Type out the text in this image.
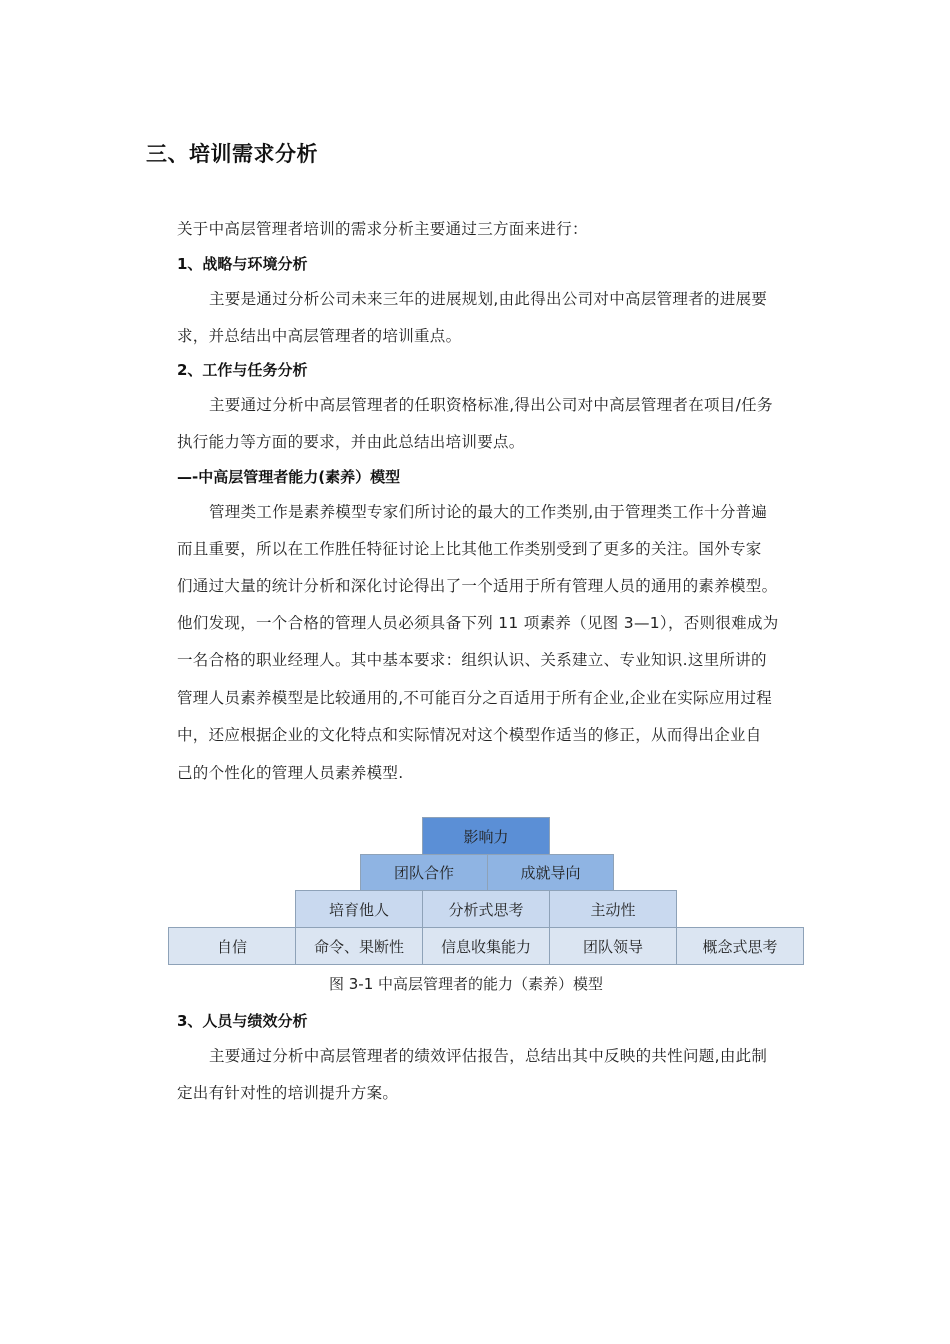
三、培训需求分析
关于中高层管理者培训的需求分析主要通过三方面来进行：
1、战略与环境分析
主要是通过分析公司未来三年的进展规划,由此得出公司对中高层管理者的进展要
求，并总结出中高层管理者的培训重点。
2、工作与任务分析
主要通过分析中高层管理者的任职资格标准,得出公司对中高层管理者在项目/任务
执行能力等方面的要求，并由此总结出培训要点。
—-中高层管理者能力(素养）模型
管理类工作是素养模型专家们所讨论的最大的工作类别,由于管理类工作十分普遍
而且重要，所以在工作胜任特征讨论上比其他工作类别受到了更多的关注。国外专家
们通过大量的统计分析和深化讨论得出了一个适用于所有管理人员的通用的素养模型。
他们发现，一个合格的管理人员必须具备下列 11 项素养（见图 3—1），否则很难成为
一名合格的职业经理人。其中基本要求：组织认识、关系建立、专业知识.这里所讲的
管理人员素养模型是比较通用的,不可能百分之百适用于所有企业,企业在实际应用过程
中，还应根据企业的文化特点和实际情况对这个模型作适当的修正，从而得出企业自
己的个性化的管理人员素养模型.
影响力
团队合作	成就导向
培育他人	分析式思考	主动性
自信	命令、果断性	信息收集能力	团队领导	概念式思考
图 3-1 中高层管理者的能力（素养）模型
3、人员与绩效分析
主要通过分析中高层管理者的绩效评估报告，总结出其中反映的共性问题,由此制
定出有针对性的培训提升方案。
